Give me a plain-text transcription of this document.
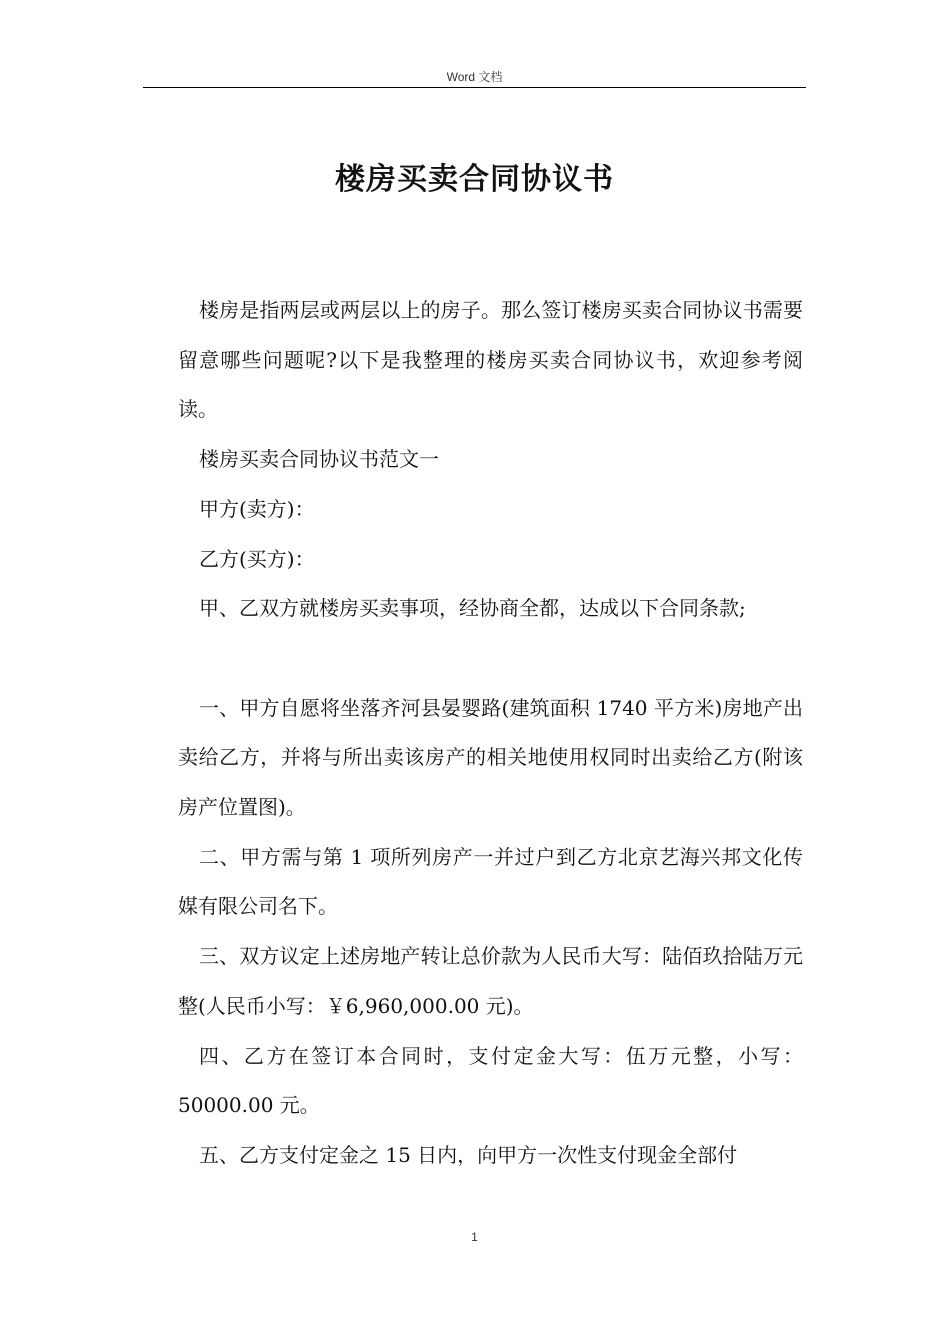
Word 文档
楼房买卖合同协议书

楼房是指两层或两层以上的房子。那么签订楼房买卖合同协议书需要留意哪些问题呢?以下是我整理的楼房买卖合同协议书，欢迎参考阅读。

楼房买卖合同协议书范文一

甲方(卖方)：

乙方(买方)：

甲、乙双方就楼房买卖事项，经协商全都，达成以下合同条款;

一、甲方自愿将坐落齐河县晏婴路(建筑面积 1740 平方米)房地产出卖给乙方，并将与所出卖该房产的相关地使用权同时出卖给乙方(附该房产位置图)。

二、甲方需与第 1 项所列房产一并过户到乙方北京艺海兴邦文化传媒有限公司名下。

三、双方议定上述房地产转让总价款为人民币大写：陆佰玖拾陆万元整(人民币小写：￥6,960,000.00 元)。

四、乙方在签订本合同时，支付定金大写：伍万元整，小写：50000.00 元。

五、乙方支付定金之 15 日内，向甲方一次性支付现金全部付

1
